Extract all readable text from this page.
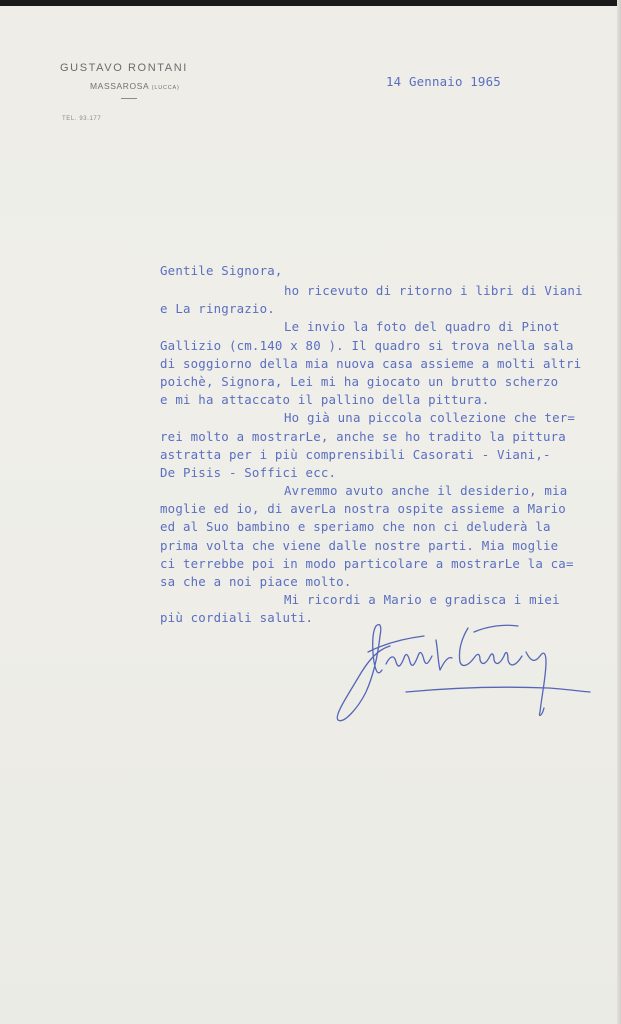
GUSTAVO RONTANI
MASSAROSA (LUCCA)
TEL. 93.177
14 Gennaio 1965
Gentile Signora,
ho ricevuto di ritorno i libri di Viani
e La ringrazio.
Le invio la foto del quadro di Pinot
Gallizio (cm.140 x 80 ). Il quadro si trova nella sala
di soggiorno della mia nuova casa assieme a molti altri
poichè, Signora, Lei mi ha giocato un brutto scherzo
e mi ha attaccato il pallino della pittura.
Ho già una piccola collezione che ter=
rei molto a mostrarLe, anche se ho tradito la pittura
astratta per i più comprensibili Casorati - Viani,-
De Pisis - Soffici ecc.
Avremmo avuto anche il desiderio, mia
moglie ed io, di averLa nostra ospite assieme a Mario
ed al Suo bambino e speriamo che non ci deluderà la
prima volta che viene dalle nostre parti. Mia moglie
ci terrebbe poi in modo particolare a mostrarLe la ca=
sa che a noi piace molto.
Mi ricordi a Mario e gradisca i miei
più cordiali saluti.
